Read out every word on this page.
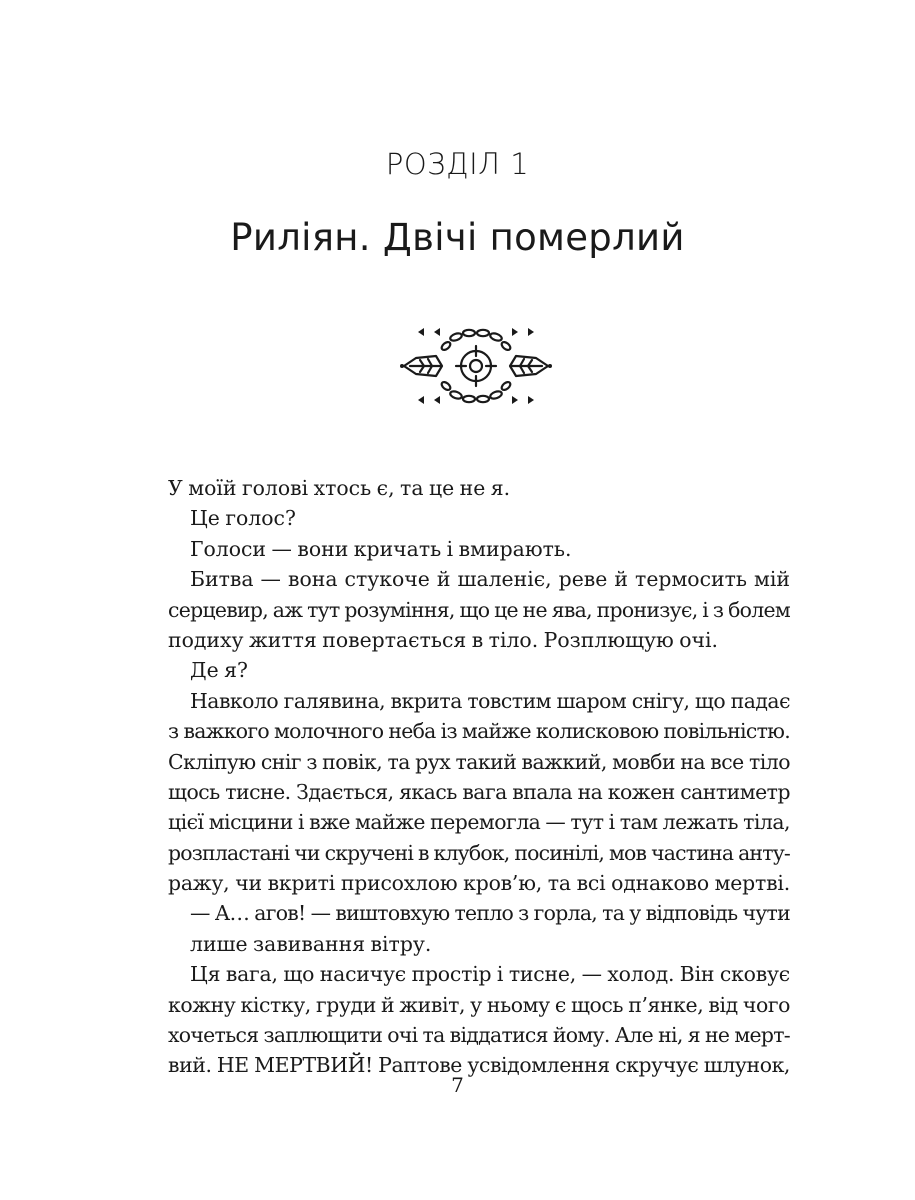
РОЗДІЛ 1
Риліян. Двічі померлий
У моїй голові хтось є, та це не я.
Це голос?
Голоси — вони кричать і вмирають.
Битва — вона стукоче й шаленіє, реве й термосить мій
серцевир, аж тут розуміння, що це не ява, пронизує, і з болем
подиху життя повертається в тіло. Розплющую очі.
Де я?
Навколо галявина, вкрита товстим шаром снігу, що падає
з важкого молочного неба із майже колисковою повільністю.
Скліпую сніг з повік, та рух такий важкий, мовби на все тіло
щось тисне. Здається, якась вага впала на кожен сантиметр
цієї місцини і вже майже перемогла — тут і там лежать тіла,
розпластані чи скручені в клубок, посинілі, мов частина анту-
ражу, чи вкриті присохлою кров’ю, та всі однаково мертві.
— А… агов! — виштовхую тепло з горла, та у відповідь чути
лише завивання вітру.
Ця вага, що насичує простір і тисне, — холод. Він сковує
кожну кістку, груди й живіт, у ньому є щось п’янке, від чого
хочеться заплющити очі та віддатися йому. Але ні, я не мерт-
вий. НЕ МЕРТВИЙ! Раптове усвідомлення скручує шлунок,
7
